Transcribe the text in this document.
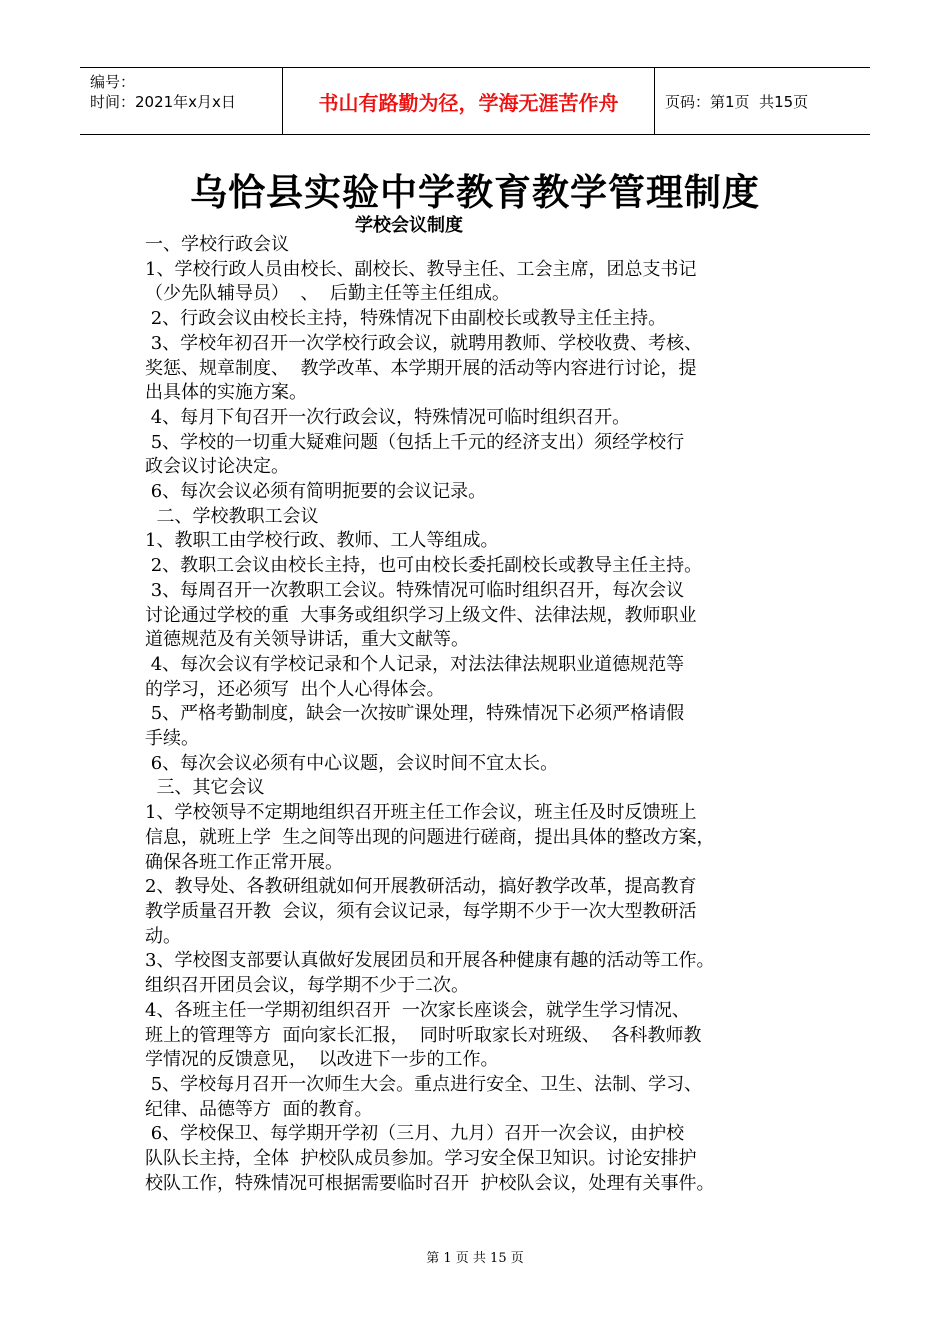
编号：
时间：2021年x月x日	书山有路勤为径，学海无涯苦作舟	页码：第1页  共15页
乌恰县实验中学教育教学管理制度
学校会议制度

一、学校行政会议

1、学校行政人员由校长、副校长、教导主任、工会主席，团总支书记

（少先队辅导员）  、  后勤主任等主任组成。

2、行政会议由校长主持，特殊情况下由副校长或教导主任主持。

3、学校年初召开一次学校行政会议，就聘用教师、学校收费、考核、

奖惩、规章制度、  教学改革、本学期开展的活动等内容进行讨论，提

出具体的实施方案。

4、每月下旬召开一次行政会议，特殊情况可临时组织召开。

5、学校的一切重大疑难问题（包括上千元的经济支出）须经学校行

政会议讨论决定。

6、每次会议必须有简明扼要的会议记录。

二、学校教职工会议

1、教职工由学校行政、教师、工人等组成。

2、教职工会议由校长主持，也可由校长委托副校长或教导主任主持。

3、每周召开一次教职工会议。特殊情况可临时组织召开，每次会议

讨论通过学校的重  大事务或组织学习上级文件、法律法规，教师职业

道德规范及有关领导讲话，重大文献等。

4、每次会议有学校记录和个人记录，对法法律法规职业道德规范等

的学习，还必须写  出个人心得体会。

5、严格考勤制度，缺会一次按旷课处理，特殊情况下必须严格请假

手续。

6、每次会议必须有中心议题，会议时间不宜太长。

三、其它会议

1、学校领导不定期地组织召开班主任工作会议，班主任及时反馈班上

信息，就班上学  生之间等出现的问题进行磋商，提出具体的整改方案，

确保各班工作正常开展。

2、教导处、各教研组就如何开展教研活动，搞好教学改革，提高教育

教学质量召开教  会议，须有会议记录，每学期不少于一次大型教研活

动。

3、学校图支部要认真做好发展团员和开展各种健康有趣的活动等工作。

组织召开团员会议，每学期不少于二次。

4、各班主任一学期初组织召开  一次家长座谈会，就学生学习情况、

班上的管理等方  面向家长汇报，  同时听取家长对班级、  各科教师教

学情况的反馈意见，  以改进下一步的工作。

5、学校每月召开一次师生大会。重点进行安全、卫生、法制、学习、

纪律、品德等方  面的教育。

6、学校保卫、每学期开学初（三月、九月）召开一次会议，由护校

队队长主持，全体  护校队成员参加。学习安全保卫知识。讨论安排护

校队工作，特殊情况可根据需要临时召开  护校队会议，处理有关事件。

第 1 页 共 15 页
